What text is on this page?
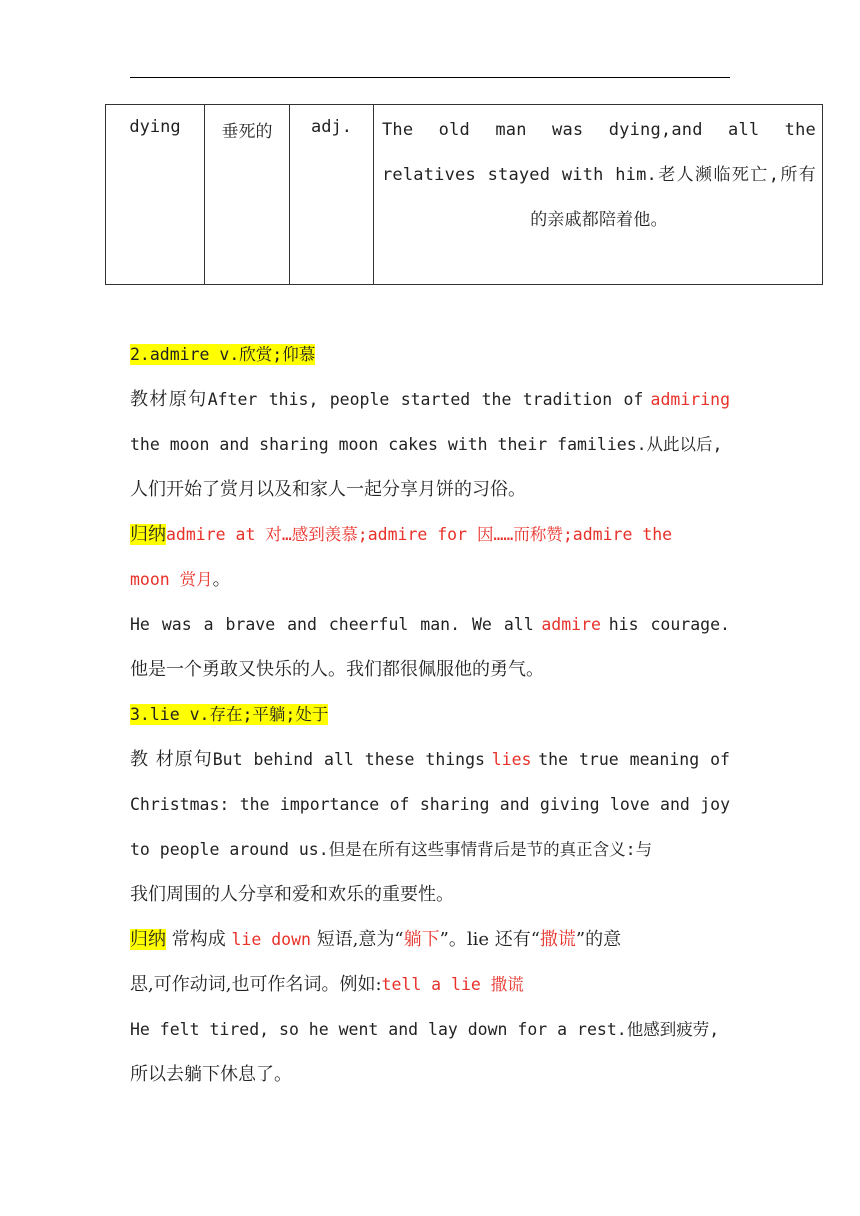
dying	垂死的	adj.	The old man was dying,and all the relatives stayed with him.老人濒临死亡,所有的亲戚都陪着他。
2.admire v.欣赏;仰慕
教材原句After this, people started the tradition of admiring
the moon and sharing moon cakes with their families.从此以后,
人们开始了赏月以及和家人一起分享月饼的习俗。
归纳admire at 对…感到羡慕;admire for 因……而称赞;admire the
moon 赏月。
He was a brave and cheerful man. We all admire his courage.
他是一个勇敢又快乐的人。我们都很佩服他的勇气。
3.lie v.存在;平躺;处于
教 材原句But behind all these things lies the true meaning of
Christmas: the importance of sharing and giving love and joy
to people around us.但是在所有这些事情背后是节的真正含义:与
我们周围的人分享和爱和欢乐的重要性。
归纳 常构成 lie down 短语,意为“躺下”。lie 还有“撒谎”的意
思,可作动词,也可作名词。例如:tell a lie 撒谎
He felt tired, so he went and lay down for a rest.他感到疲劳,
所以去躺下休息了。
